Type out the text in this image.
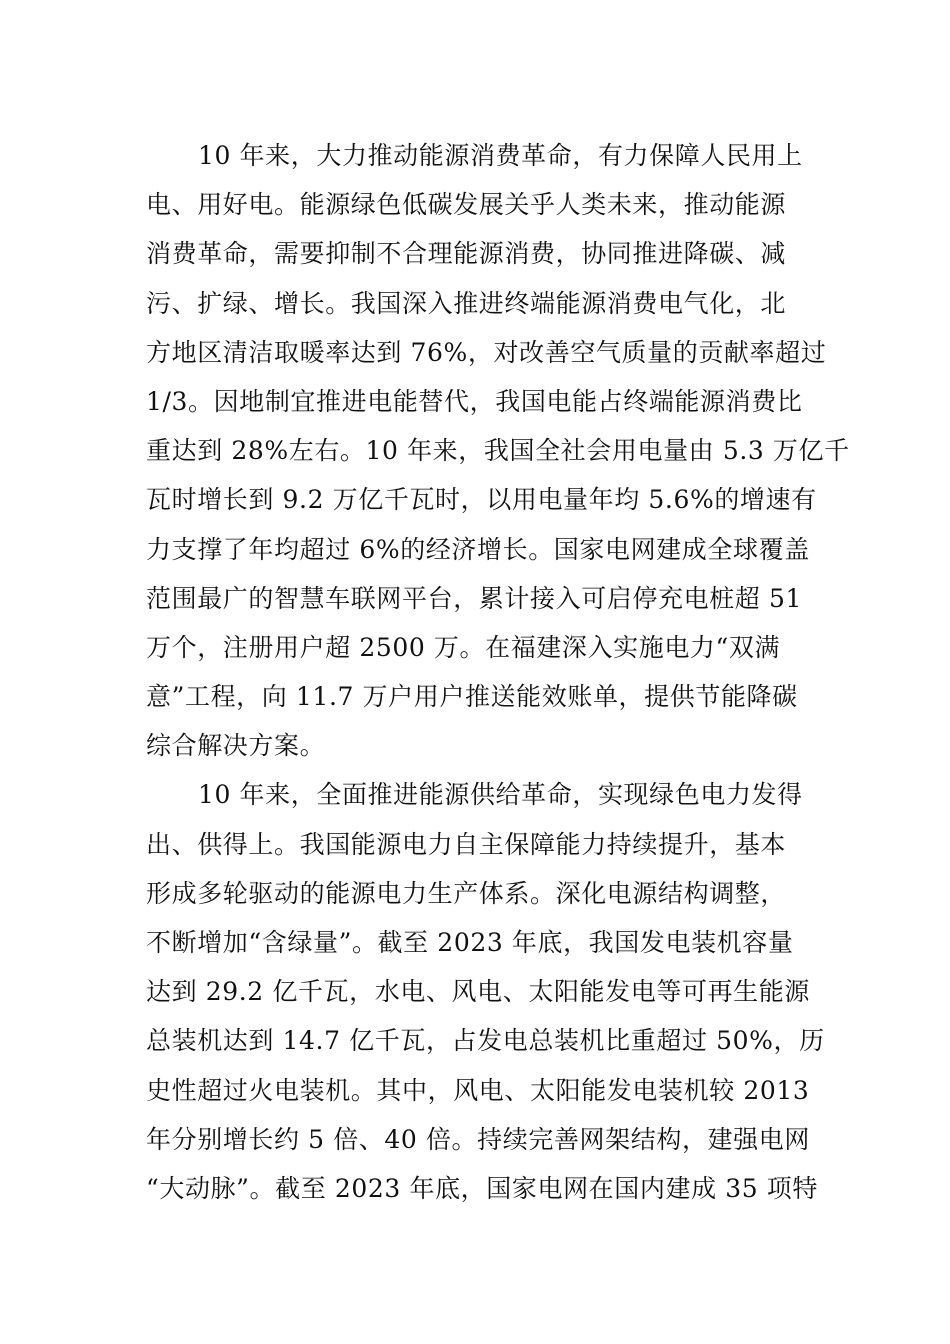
10 年来，大力推动能源消费革命，有力保障人民用上
电、用好电。能源绿色低碳发展关乎人类未来，推动能源
消费革命，需要抑制不合理能源消费，协同推进降碳、减
污、扩绿、增长。我国深入推进终端能源消费电气化，北
方地区清洁取暖率达到 76%，对改善空气质量的贡献率超过
1/3。因地制宜推进电能替代，我国电能占终端能源消费比
重达到 28%左右。10 年来，我国全社会用电量由 5.3 万亿千
瓦时增长到 9.2 万亿千瓦时，以用电量年均 5.6%的增速有
力支撑了年均超过 6%的经济增长。国家电网建成全球覆盖
范围最广的智慧车联网平台，累计接入可启停充电桩超 51
万个，注册用户超 2500 万。在福建深入实施电力“双满
意”工程，向 11.7 万户用户推送能效账单，提供节能降碳
综合解决方案。
10 年来，全面推进能源供给革命，实现绿色电力发得
出、供得上。我国能源电力自主保障能力持续提升，基本
形成多轮驱动的能源电力生产体系。深化电源结构调整，
不断增加“含绿量”。截至 2023 年底，我国发电装机容量
达到 29.2 亿千瓦，水电、风电、太阳能发电等可再生能源
总装机达到 14.7 亿千瓦，占发电总装机比重超过 50%，历
史性超过火电装机。其中，风电、太阳能发电装机较 2013
年分别增长约 5 倍、40 倍。持续完善网架结构，建强电网
“大动脉”。截至 2023 年底，国家电网在国内建成 35 项特
